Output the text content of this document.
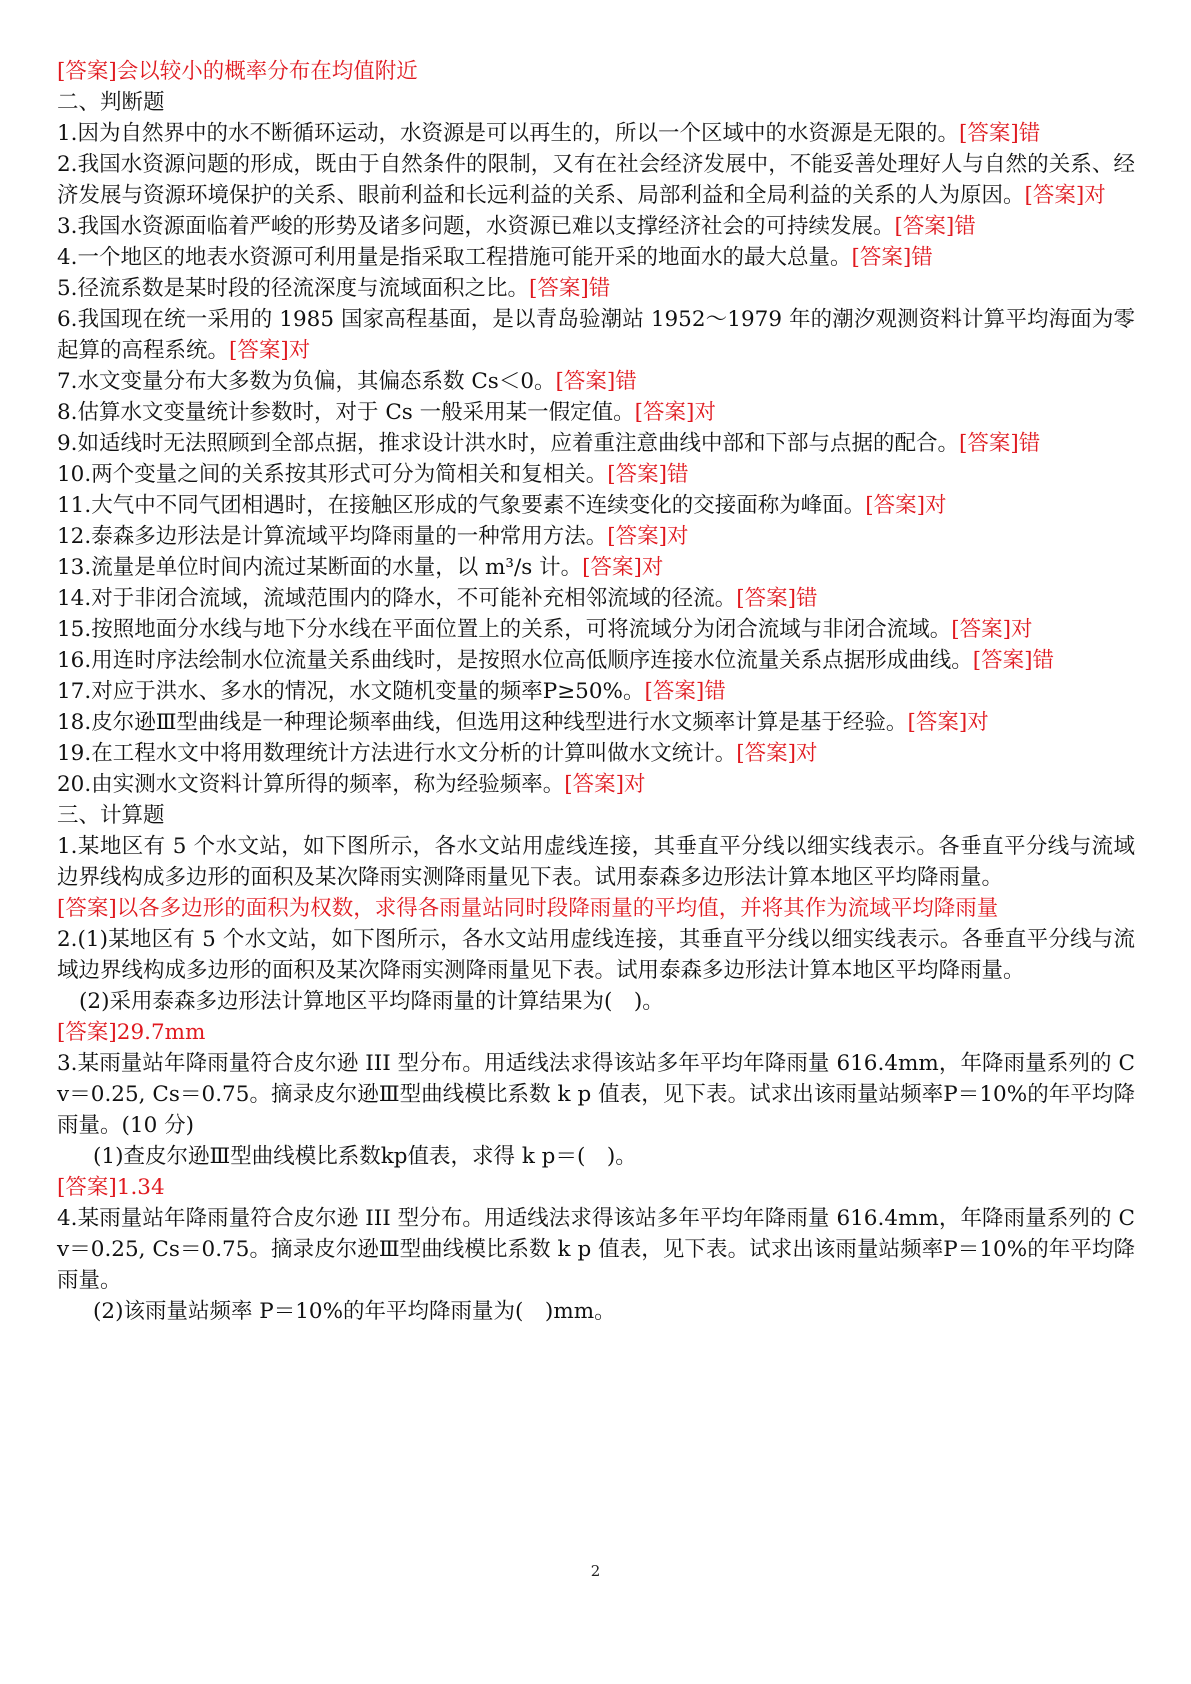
[答案]会以较小的概率分布在均值附近

二、判断题

1.因为自然界中的水不断循环运动，水资源是可以再生的，所以一个区域中的水资源是无限的。[答案]错

2.我国水资源问题的形成，既由于自然条件的限制，又有在社会经济发展中，不能妥善处理好人与自然的关系、经济发展与资源环境保护的关系、眼前利益和长远利益的关系、局部利益和全局利益的关系的人为原因。[答案]对

3.我国水资源面临着严峻的形势及诸多问题，水资源已难以支撑经济社会的可持续发展。[答案]错

4.一个地区的地表水资源可利用量是指采取工程措施可能开采的地面水的最大总量。[答案]错

5.径流系数是某时段的径流深度与流域面积之比。[答案]错

6.我国现在统一采用的 1985 国家高程基面，是以青岛验潮站 1952～1979 年的潮汐观测资料计算平均海面为零起算的高程系统。[答案]对

7.水文变量分布大多数为负偏，其偏态系数 Cs＜0。[答案]错

8.估算水文变量统计参数时，对于 Cs 一般采用某一假定值。[答案]对

9.如适线时无法照顾到全部点据，推求设计洪水时，应着重注意曲线中部和下部与点据的配合。[答案]错

10.两个变量之间的关系按其形式可分为简相关和复相关。[答案]错

11.大气中不同气团相遇时，在接触区形成的气象要素不连续变化的交接面称为峰面。[答案]对

12.泰森多边形法是计算流域平均降雨量的一种常用方法。[答案]对

13.流量是单位时间内流过某断面的水量，以 m³/s 计。[答案]对

14.对于非闭合流域，流域范围内的降水，不可能补充相邻流域的径流。[答案]错

15.按照地面分水线与地下分水线在平面位置上的关系，可将流域分为闭合流域与非闭合流域。[答案]对

16.用连时序法绘制水位流量关系曲线时，是按照水位高低顺序连接水位流量关系点据形成曲线。[答案]错

17.对应于洪水、多水的情况，水文随机变量的频率P≥50%。[答案]错

18.皮尔逊Ⅲ型曲线是一种理论频率曲线，但选用这种线型进行水文频率计算是基于经验。[答案]对

19.在工程水文中将用数理统计方法进行水文分析的计算叫做水文统计。[答案]对

20.由实测水文资料计算所得的频率，称为经验频率。[答案]对

三、计算题

1.某地区有 5 个水文站，如下图所示，各水文站用虚线连接，其垂直平分线以细实线表示。各垂直平分线与流域边界线构成多边形的面积及某次降雨实测降雨量见下表。试用泰森多边形法计算本地区平均降雨量。

[答案]以各多边形的面积为权数，求得各雨量站同时段降雨量的平均值，并将其作为流域平均降雨量

2.(1)某地区有 5 个水文站，如下图所示，各水文站用虚线连接，其垂直平分线以细实线表示。各垂直平分线与流域边界线构成多边形的面积及某次降雨实测降雨量见下表。试用泰森多边形法计算本地区平均降雨量。

(2)采用泰森多边形法计算地区平均降雨量的计算结果为(　)。

[答案]29.7mm

3.某雨量站年降雨量符合皮尔逊 III 型分布。用适线法求得该站多年平均年降雨量 616.4mm，年降雨量系列的 C v＝0.25, Cs＝0.75。摘录皮尔逊Ⅲ型曲线模比系数 k p 值表，见下表。试求出该雨量站频率P＝10%的年平均降雨量。(10 分)

(1)查皮尔逊Ⅲ型曲线模比系数kp值表，求得 k p＝(　)。

[答案]1.34

4.某雨量站年降雨量符合皮尔逊 III 型分布。用适线法求得该站多年平均年降雨量 616.4mm，年降雨量系列的 C v＝0.25, Cs＝0.75。摘录皮尔逊Ⅲ型曲线模比系数 k p 值表，见下表。试求出该雨量站频率P＝10%的年平均降雨量。

(2)该雨量站频率 P＝10%的年平均降雨量为(　)mm。

2
